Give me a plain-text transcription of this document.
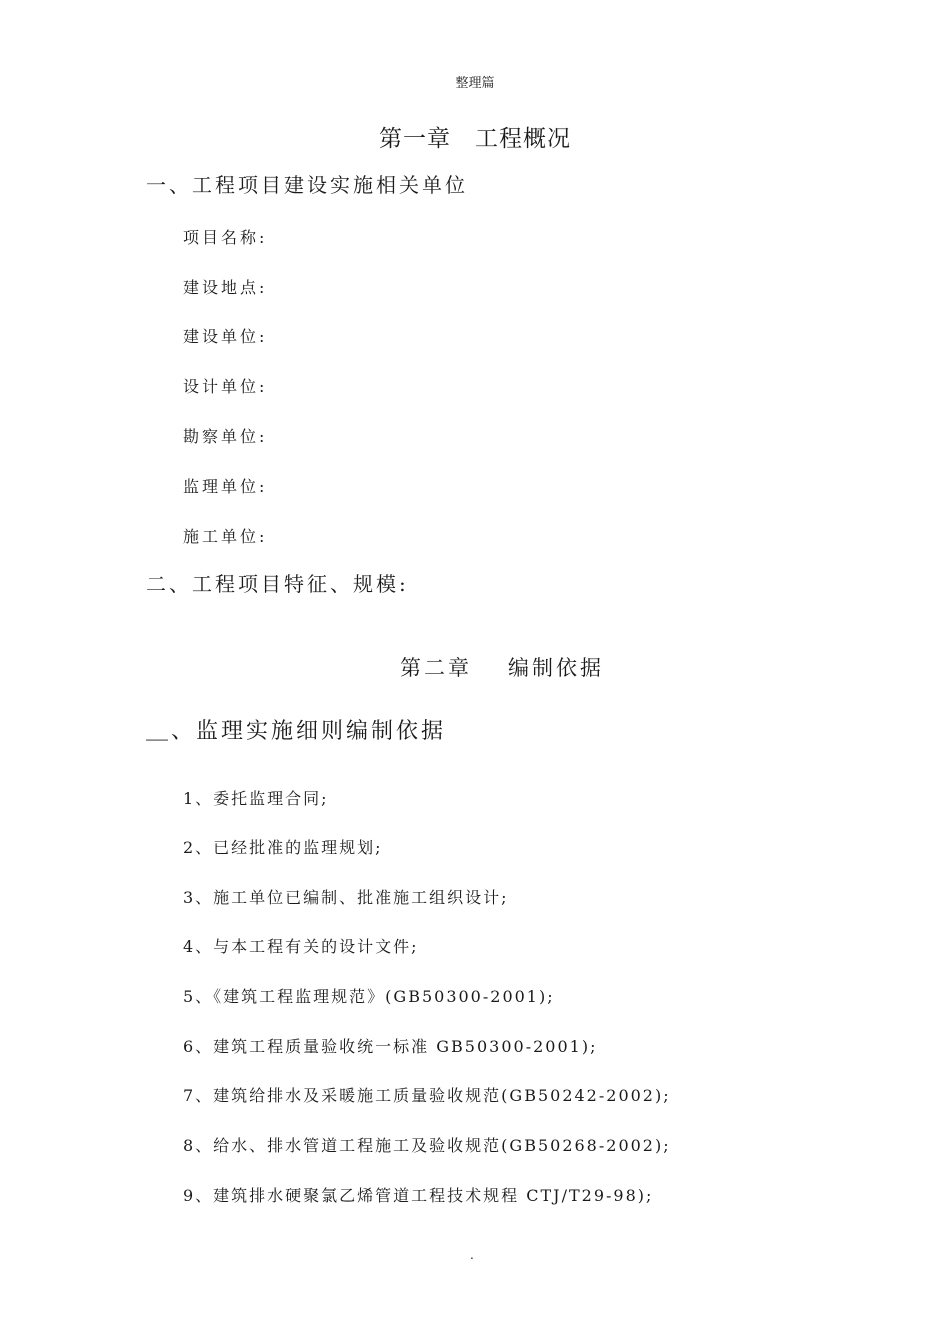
整理篇
第一章 工程概况
一、工程项目建设实施相关单位
项目名称:
建设地点:
建设单位:
设计单位:
勘察单位:
监理单位:
施工单位:
二、工程项目特征、规模:
第二章 编制依据
＿、监理实施细则编制依据
1、委托监理合同;
2、已经批准的监理规划;
3、施工单位已编制、批准施工组织设计;
4、与本工程有关的设计文件;
5、《建筑工程监理规范》(GB50300-2001);
6、建筑工程质量验收统一标准 GB50300-2001);
7、建筑给排水及采暖施工质量验收规范(GB50242-2002);
8、给水、排水管道工程施工及验收规范(GB50268-2002);
9、建筑排水硬聚氯乙烯管道工程技术规程 CTJ/T29-98);
.
